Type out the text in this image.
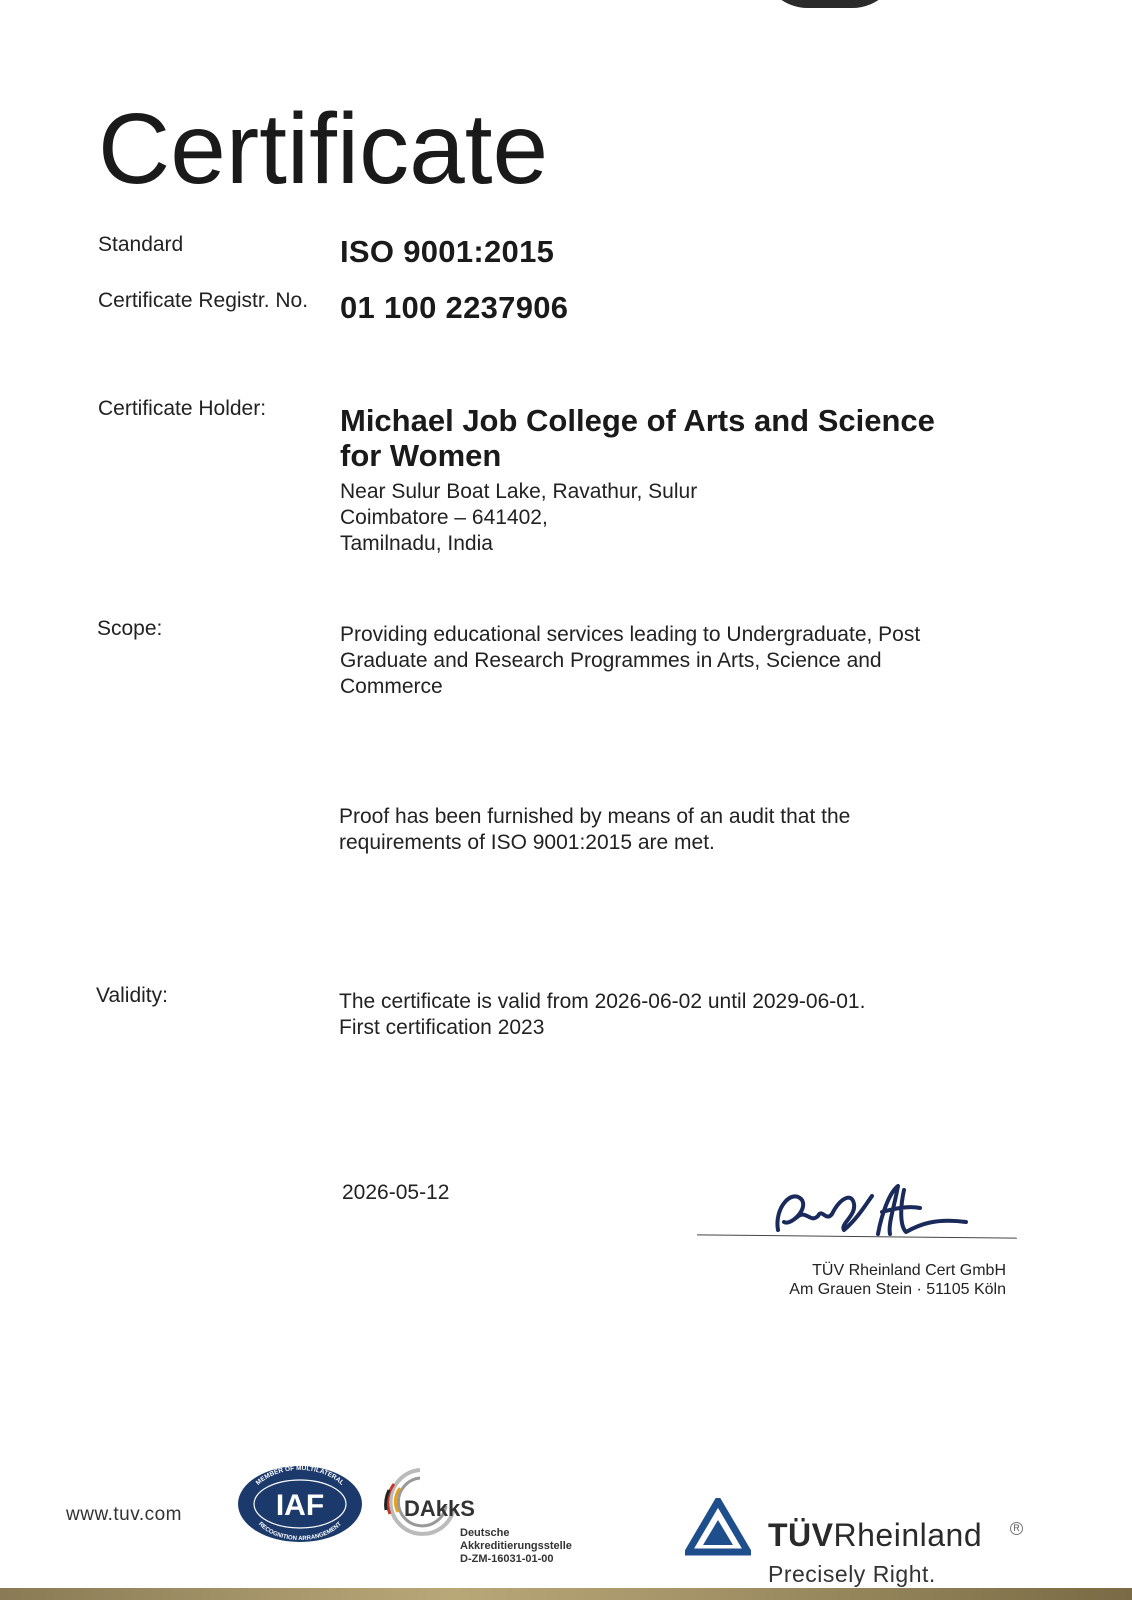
Certificate
Standard	ISO 9001:2015
Certificate Registr. No. 01 100 2237906
Certificate Holder: Michael Job College of Arts and Science
for Women
Near Sulur Boat Lake, Ravathur, Sulur
Coimbatore – 641402,
Tamilnadu, India
Scope:	Providing educational services leading to Undergraduate, Post
Graduate and Research Programmes in Arts, Science and
Commerce
Proof has been furnished by means of an audit that the
requirements of ISO 9001:2015 are met.
Validity:	The certificate is valid from 2026-06-02 until 2029-06-01.
First certification 2023
2026-05-12
TÜV Rheinland Cert GmbH
Am Grauen Stein · 51105 Köln
www.tuv.com
MEMBER OF MULTILATERAL
RECOGNITION ARRANGEMENT
IAF	DAkkS
Deutsche
Akkreditierungsstelle
D-ZM-16031-01-00
TÜVRheinland	R
Precisely Right.
